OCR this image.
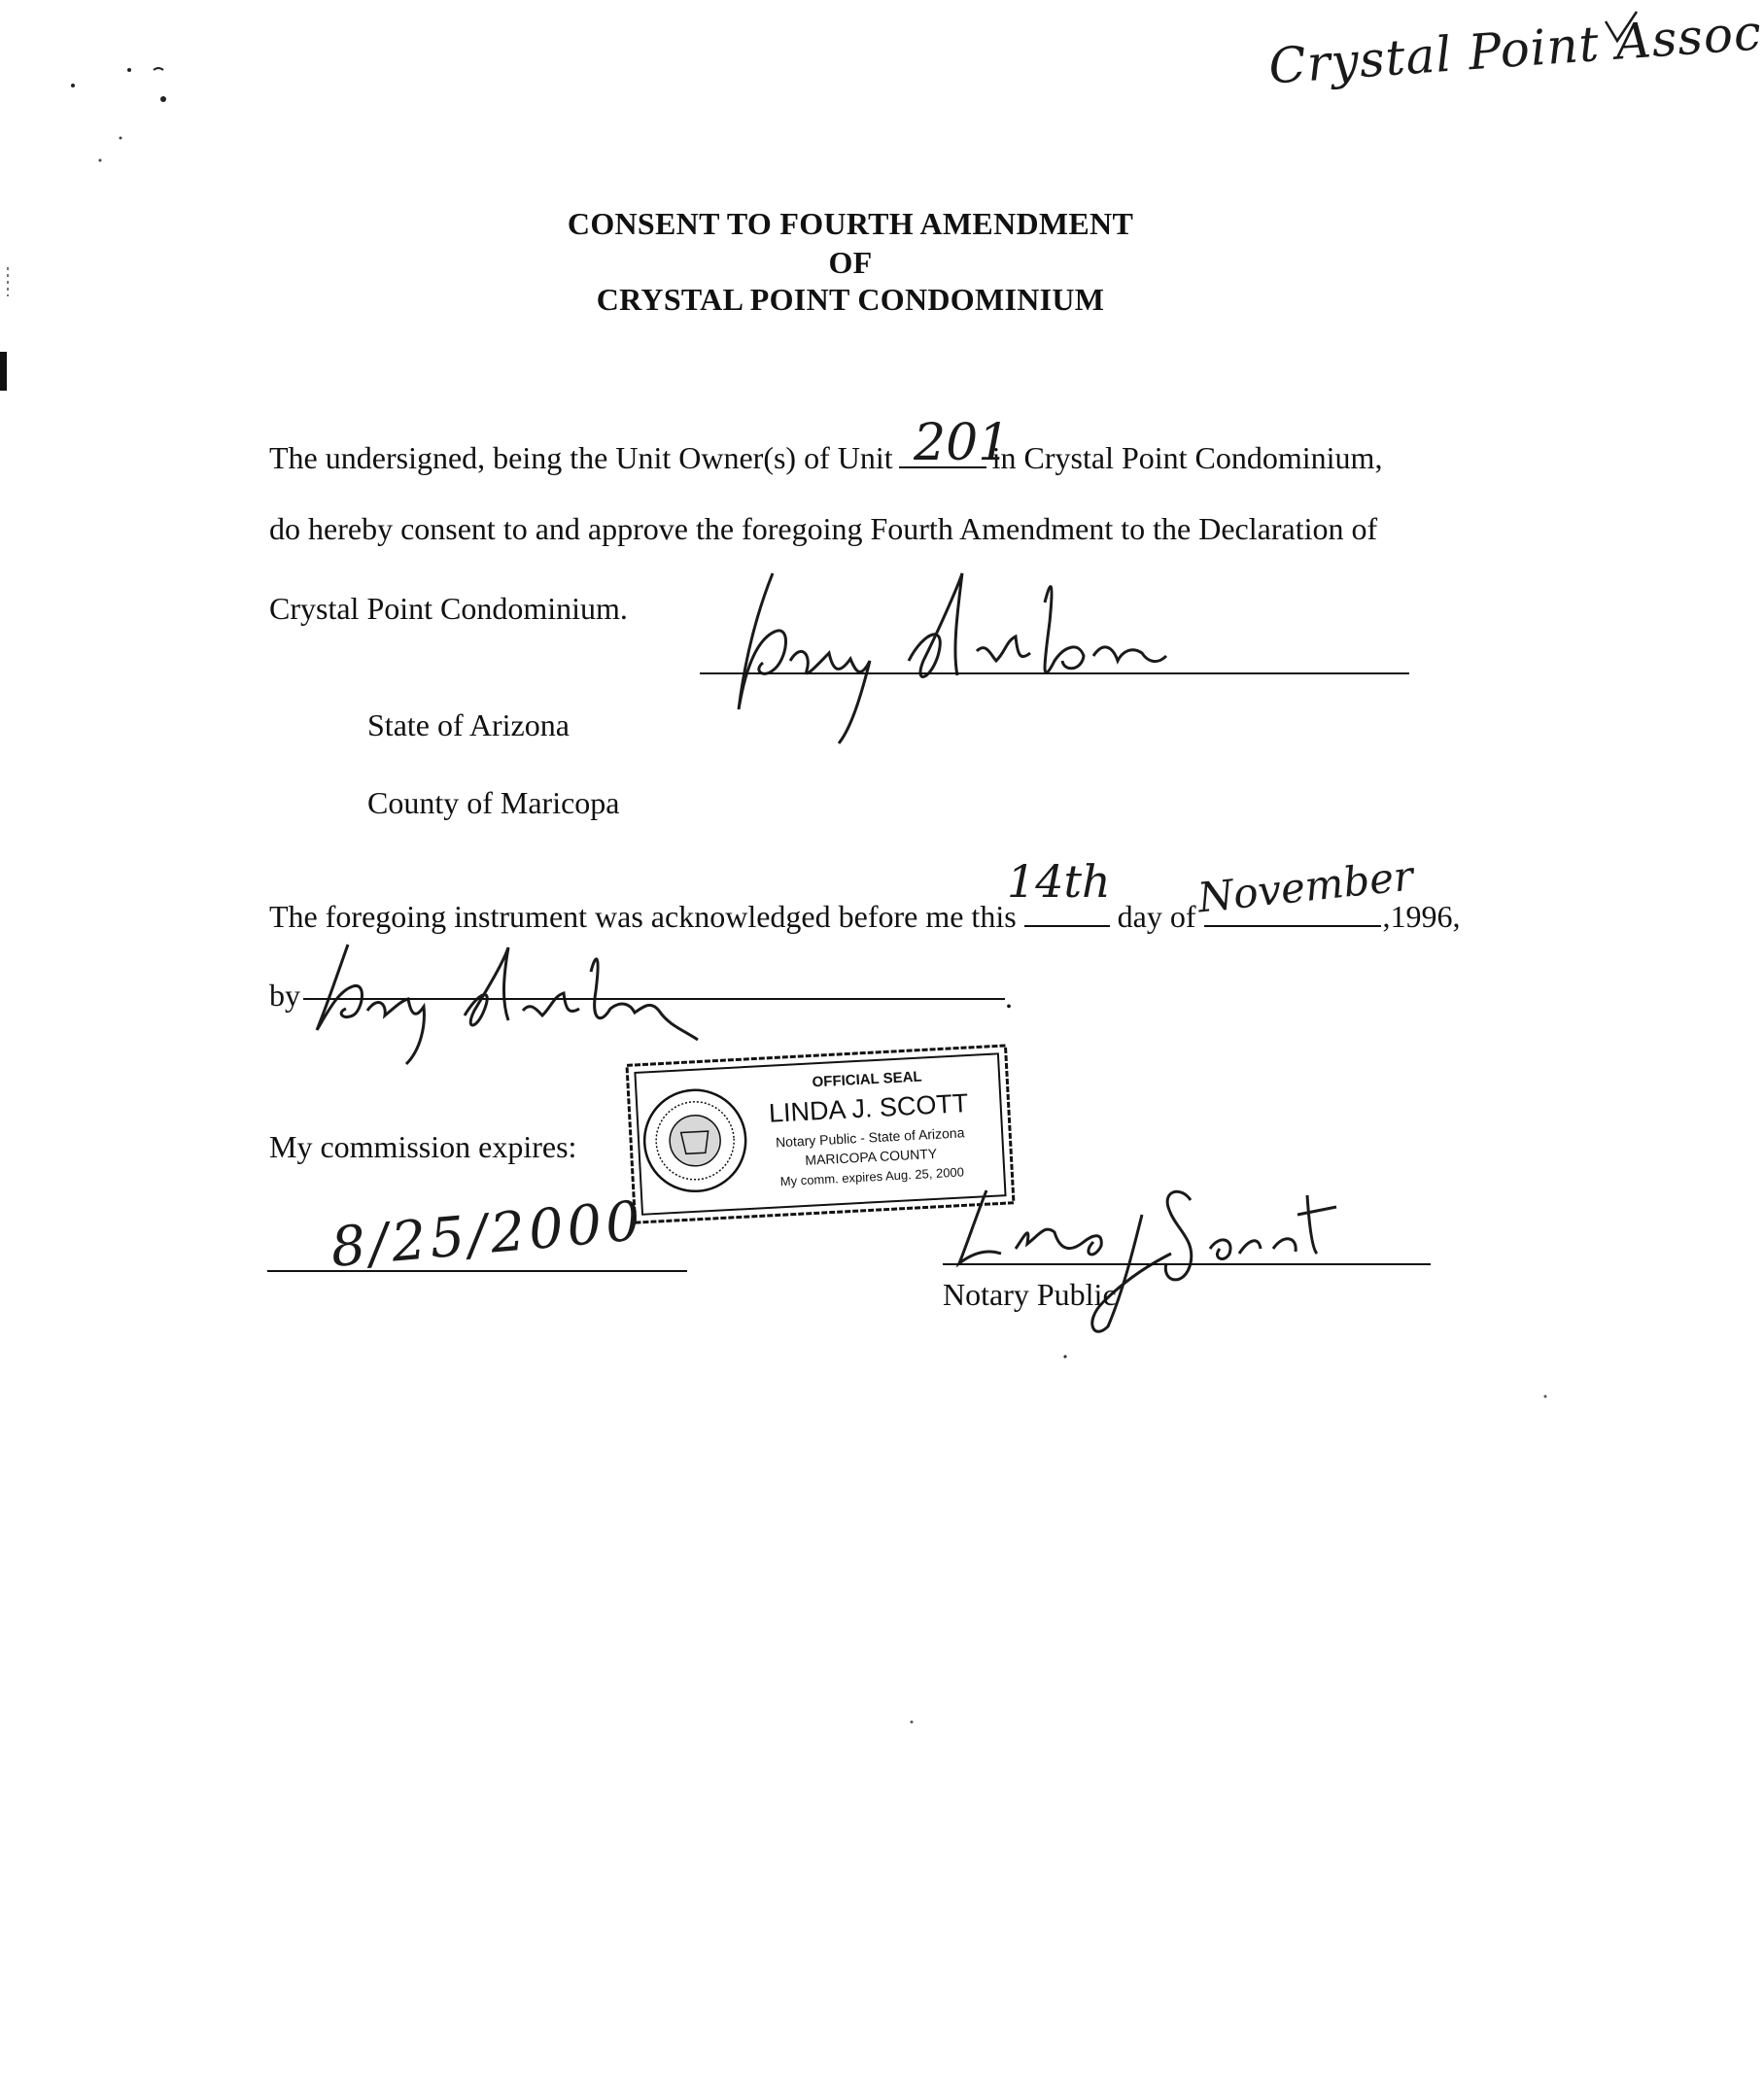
Crystal Point Assoc
CONSENT TO FOURTH AMENDMENT
OF
CRYSTAL POINT CONDOMINIUM
The undersigned, being the Unit Owner(s) of Unit	in Crystal Point Condominium,
201
do hereby consent to and approve the foregoing Fourth Amendment to the Declaration of
Crystal Point Condominium.
State of Arizona
County of Maricopa
The foregoing instrument was acknowledged before me this	day of	,1996,
14th November
by	.
My commission expires:
8/25/2000
OFFICIAL SEAL
LINDA J. SCOTT
Notary Public - State of Arizona
MARICOPA COUNTY
My comm. expires Aug. 25, 2000
Notary Public
